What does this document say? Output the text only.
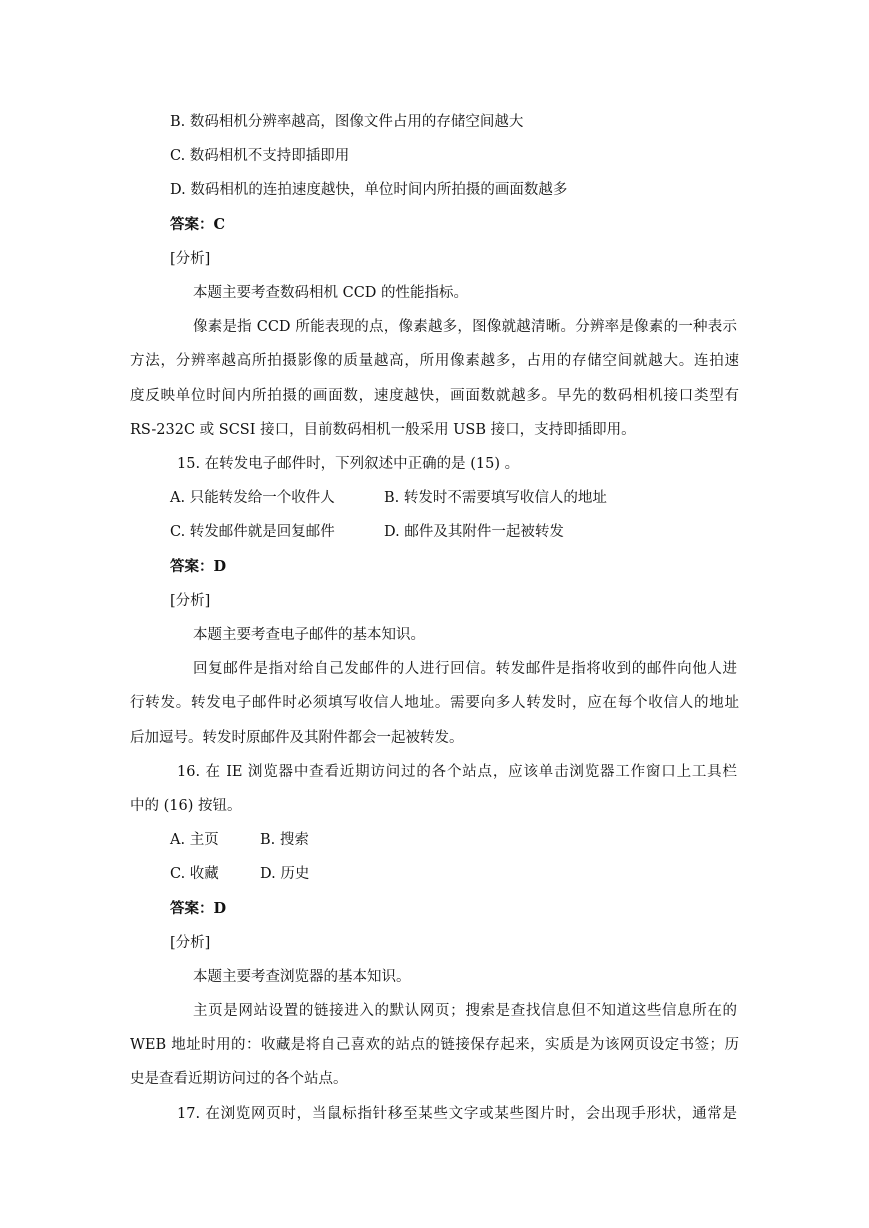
B. 数码相机分辨率越高，图像文件占用的存储空间越大
C. 数码相机不支持即插即用
D. 数码相机的连拍速度越快，单位时间内所拍摄的画面数越多
答案：C
[分析]
本题主要考查数码相机 CCD 的性能指标。
像素是指 CCD 所能表现的点，像素越多，图像就越清晰。分辨率是像素的一种表示
方法，分辨率越高所拍摄影像的质量越高，所用像素越多，占用的存储空间就越大。连拍速
度反映单位时间内所拍摄的画面数，速度越快，画面数就越多。早先的数码相机接口类型有
RS-232C 或 SCSI 接口，目前数码相机一般采用 USB 接口，支持即插即用。
15. 在转发电子邮件时，下列叙述中正确的是 (15) 。
A. 只能转发给一个收件人	B. 转发时不需要填写收信人的地址
C. 转发邮件就是回复邮件	D. 邮件及其附件一起被转发
答案：D
[分析]
本题主要考查电子邮件的基本知识。
回复邮件是指对给自己发邮件的人进行回信。转发邮件是指将收到的邮件向他人进
行转发。转发电子邮件时必须填写收信人地址。需要向多人转发时，应在每个收信人的地址
后加逗号。转发时原邮件及其附件都会一起被转发。
16. 在 IE 浏览器中查看近期访问过的各个站点，应该单击浏览器工作窗口上工具栏
中的 (16) 按钮。
A. 主页	B. 搜索
C. 收藏	D. 历史
答案：D
[分析]
本题主要考查浏览器的基本知识。
主页是网站设置的链接进入的默认网页；搜索是查找信息但不知道这些信息所在的
WEB 地址时用的：收藏是将自己喜欢的站点的链接保存起来，实质是为该网页设定书签；历
史是查看近期访问过的各个站点。
17. 在浏览网页时，当鼠标指针移至某些文字或某些图片时，会出现手形状，通常是
